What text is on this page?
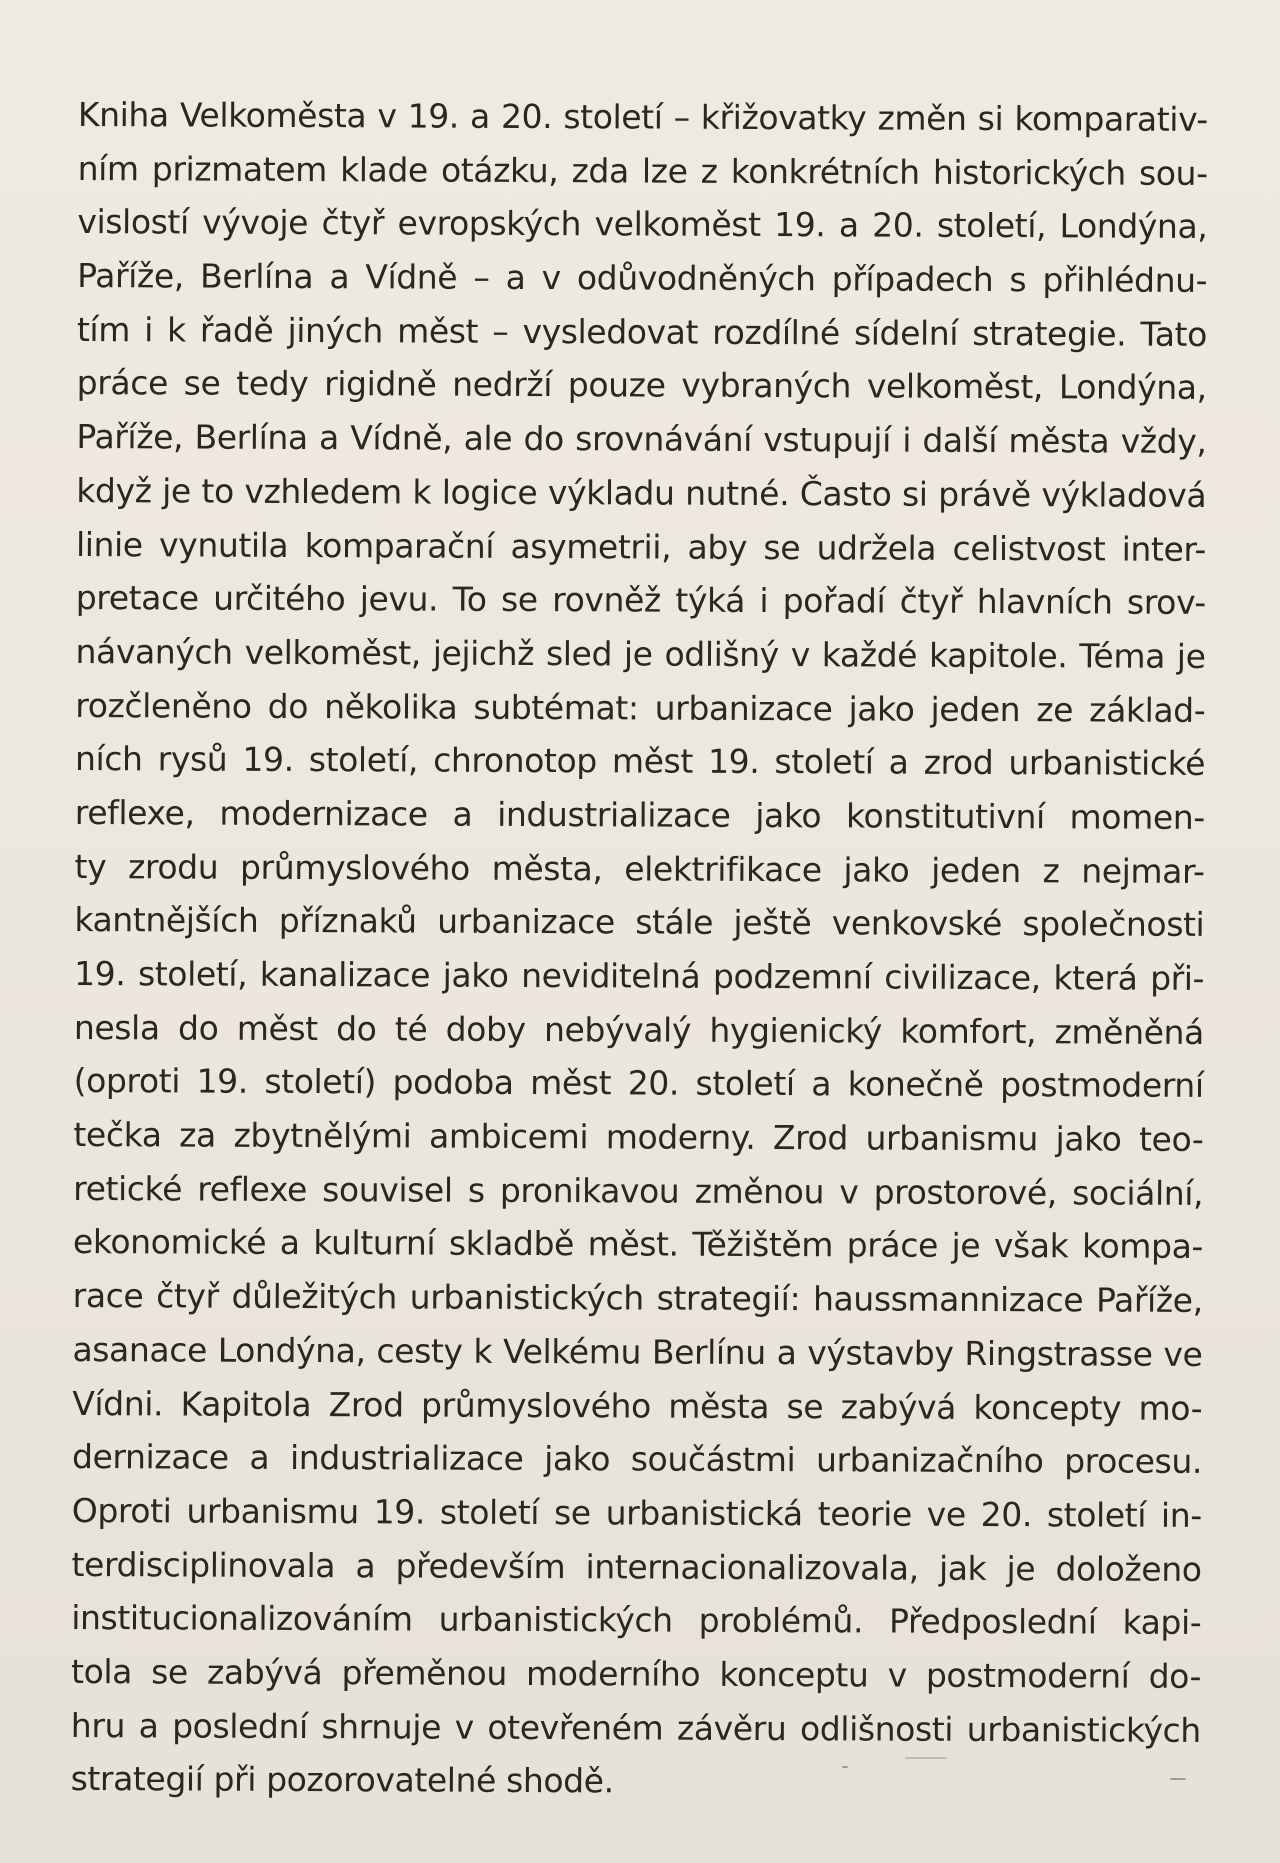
Kniha Velkoměsta v 19. a 20. století – křižovatky změn si komparativ-
ním prizmatem klade otázku, zda lze z konkrétních historických sou-
vislostí vývoje čtyř evropských velkoměst 19. a 20. století, Londýna,
Paříže, Berlína a Vídně – a v odůvodněných případech s přihlédnu-
tím i k řadě jiných měst – vysledovat rozdílné sídelní strategie. Tato
práce se tedy rigidně nedrží pouze vybraných velkoměst, Londýna,
Paříže, Berlína a Vídně, ale do srovnávání vstupují i další města vždy,
když je to vzhledem k logice výkladu nutné. Často si právě výkladová
linie vynutila komparační asymetrii, aby se udržela celistvost inter-
pretace určitého jevu. To se rovněž týká i pořadí čtyř hlavních srov-
návaných velkoměst, jejichž sled je odlišný v každé kapitole. Téma je
rozčleněno do několika subtémat: urbanizace jako jeden ze základ-
ních rysů 19. století, chronotop měst 19. století a zrod urbanistické
reflexe, modernizace a industrializace jako konstitutivní momen-
ty zrodu průmyslového města, elektrifikace jako jeden z nejmar-
kantnějších příznaků urbanizace stále ještě venkovské společnosti
19. století, kanalizace jako neviditelná podzemní civilizace, která při-
nesla do měst do té doby nebývalý hygienický komfort, změněná
(oproti 19. století) podoba měst 20. století a konečně postmoderní
tečka za zbytnělými ambicemi moderny. Zrod urbanismu jako teo-
retické reflexe souvisel s pronikavou změnou v prostorové, sociální,
ekonomické a kulturní skladbě měst. Těžištěm práce je však kompa-
race čtyř důležitých urbanistických strategií: haussmannizace Paříže,
asanace Londýna, cesty k Velkému Berlínu a výstavby Ringstrasse ve
Vídni. Kapitola Zrod průmyslového města se zabývá koncepty mo-
dernizace a industrializace jako součástmi urbanizačního procesu.
Oproti urbanismu 19. století se urbanistická teorie ve 20. století in-
terdisciplinovala a především internacionalizovala, jak je doloženo
institucionalizováním urbanistických problémů. Předposlední kapi-
tola se zabývá přeměnou moderního konceptu v postmoderní do-
hru a poslední shrnuje v otevřeném závěru odlišnosti urbanistických
strategií při pozorovatelné shodě.
